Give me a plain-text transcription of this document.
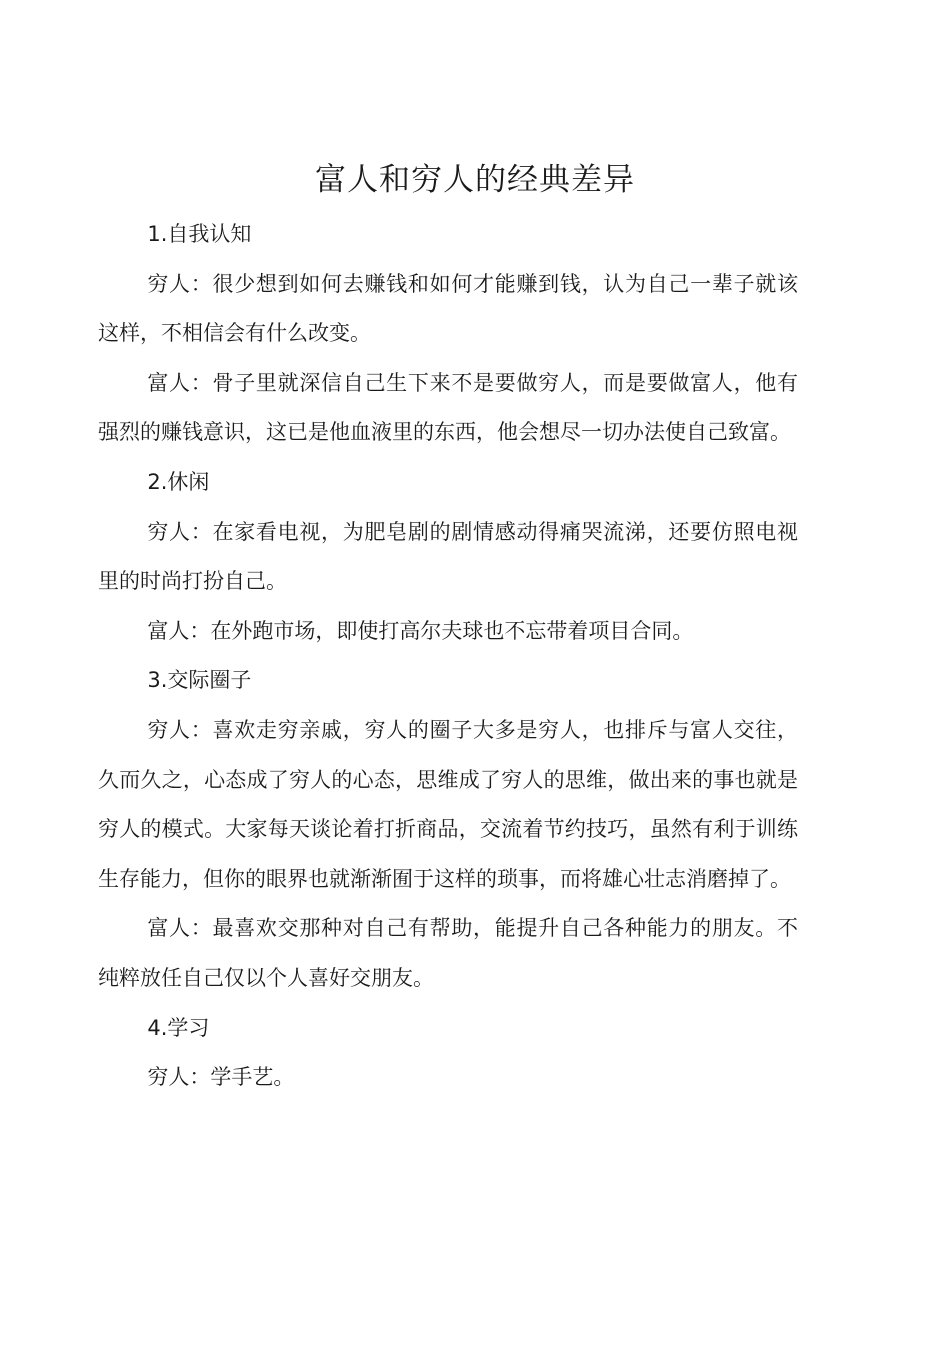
富人和穷人的经典差异

1.自我认知

穷人：很少想到如何去赚钱和如何才能赚到钱，认为自己一辈子就该这样，不相信会有什么改变。

富人：骨子里就深信自己生下来不是要做穷人，而是要做富人，他有强烈的赚钱意识，这已是他血液里的东西，他会想尽一切办法使自己致富。

2.休闲

穷人：在家看电视，为肥皂剧的剧情感动得痛哭流涕，还要仿照电视里的时尚打扮自己。

富人：在外跑市场，即使打高尔夫球也不忘带着项目合同。

3.交际圈子

穷人：喜欢走穷亲戚，穷人的圈子大多是穷人，也排斥与富人交往，久而久之，心态成了穷人的心态，思维成了穷人的思维，做出来的事也就是穷人的模式。大家每天谈论着打折商品，交流着节约技巧，虽然有利于训练生存能力，但你的眼界也就渐渐囿于这样的琐事，而将雄心壮志消磨掉了。

富人：最喜欢交那种对自己有帮助，能提升自己各种能力的朋友。不纯粹放任自己仅以个人喜好交朋友。

4.学习

穷人：学手艺。
